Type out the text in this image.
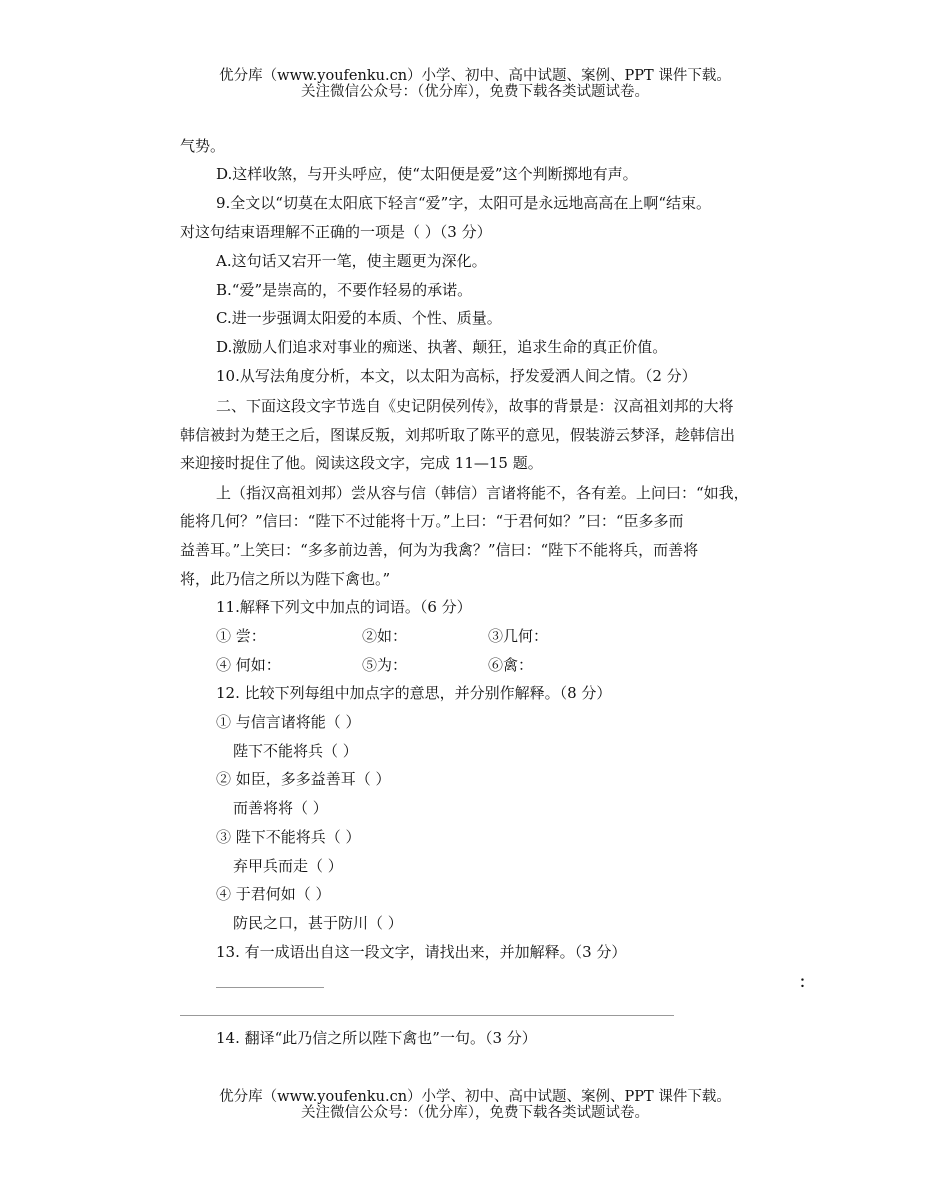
优分库（www.youfenku.cn）小学、初中、高中试题、案例、PPT 课件下载。
关注微信公众号：（优分库），免费下载各类试题试卷。
气势。
D.这样收煞，与开头呼应，使“太阳便是爱”这个判断掷地有声。
9.全文以“切莫在太阳底下轻言“爱”字，太阳可是永远地高高在上啊“结束。
对这句结束语理解不正确的一项是（ ）（3 分）
A.这句话又宕开一笔，使主题更为深化。
B.“爱”是崇高的，不要作轻易的承诺。
C.进一步强调太阳爱的本质、个性、质量。
D.激励人们追求对事业的痴迷、执著、颠狂，追求生命的真正价值。
10.从写法角度分析，本文，以太阳为高标，抒发爱洒人间之情。（2 分）
二、下面这段文字节选自《史记阴侯列传》，故事的背景是：汉高祖刘邦的大将
韩信被封为楚王之后，图谋反叛，刘邦听取了陈平的意见，假装游云梦泽，趁韩信出
来迎接时捉住了他。阅读这段文字，完成 11—15 题。
上（指汉高祖刘邦）尝从容与信（韩信）言诸将能不，各有差。上问曰：“如我，
能将几何？”信曰：“陛下不过能将十万。”上曰：“于君何如？”曰：“臣多多而
益善耳。”上笑曰：“多多前边善，何为为我禽？”信曰：“陛下不能将兵，而善将
将，此乃信之所以为陛下禽也。”
11.解释下列文中加点的词语。（6 分）
① 尝：	②如：	③几何：
④ 何如：	⑤为：	⑥禽：
12. 比较下列每组中加点字的意思，并分别作解释。（8 分）
① 与信言诸将能（ ）
陛下不能将兵（ ）
② 如臣，多多益善耳（ ）
而善将将（ ）
③ 陛下不能将兵（ ）
弃甲兵而走（ ）
④ 于君何如（ ）
防民之口，甚于防川（ ）
13. 有一成语出自这一段文字，请找出来，并加解释。（3 分）
：
14. 翻译“此乃信之所以陛下禽也”一句。（3 分）
优分库（www.youfenku.cn）小学、初中、高中试题、案例、PPT 课件下载。
关注微信公众号：（优分库），免费下载各类试题试卷。
